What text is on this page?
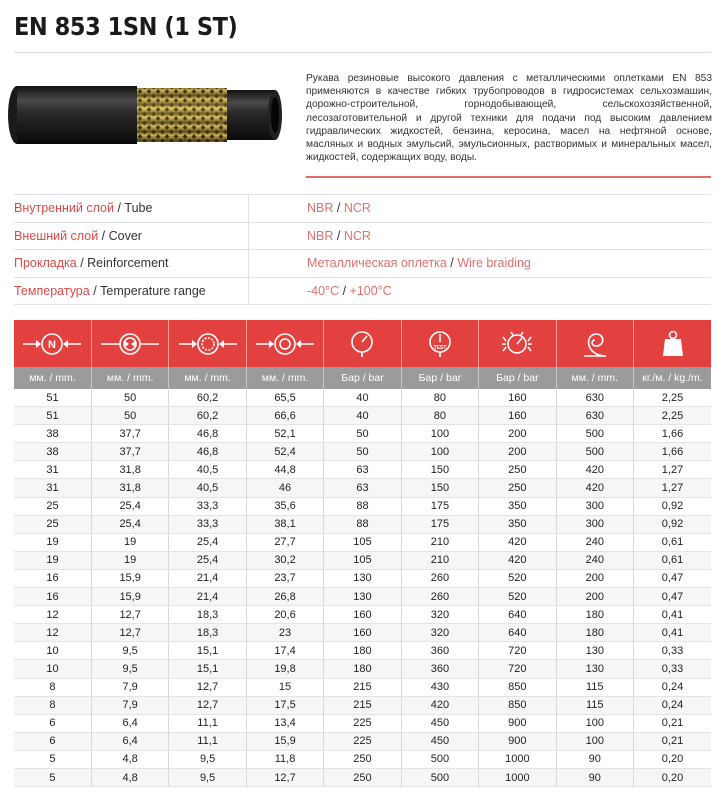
EN 853 1SN (1 ST)
Рукава резиновые высокого давления с металлическими оплетками EN 853 применяются в качестве гибких трубопроводов в гидросистемах сельхозмашин, дорожно-строительной, горнодобывающей, сельскохозяйственной, лесозаготовительной и другой техники для подачи под высоким давлением гидравлических жидкостей, бензина, керосина, масел на нефтяной основе, масляных и водных эмульсий, эмульсионных, растворимых и минеральных масел, жидкостей, содержащих воду, воды.
Внутренний слой / Tube	NBR / NCR
Внешний слой / Cover	NBR / NCR
Прокладка / Reinforcement	Металлическая оплетка / Wire braiding
Температура / Temperature range	-40°C / +100°C
N					TEST

мм. / mm.	мм. / mm.	мм. / mm.	мм. / mm.	Бар / bar	Бар / bar	Бар / bar	мм. / mm.	кг./м. / kg./m.
51	50	60,2	65,5	40	80	160	630	2,25
51	50	60,2	66,6	40	80	160	630	2,25
38	37,7	46,8	52,1	50	100	200	500	1,66
38	37,7	46,8	52,4	50	100	200	500	1,66
31	31,8	40,5	44,8	63	150	250	420	1,27
31	31,8	40,5	46	63	150	250	420	1,27
25	25,4	33,3	35,6	88	175	350	300	0,92
25	25,4	33,3	38,1	88	175	350	300	0,92
19	19	25,4	27,7	105	210	420	240	0,61
19	19	25,4	30,2	105	210	420	240	0,61
16	15,9	21,4	23,7	130	260	520	200	0,47
16	15,9	21,4	26,8	130	260	520	200	0,47
12	12,7	18,3	20,6	160	320	640	180	0,41
12	12,7	18,3	23	160	320	640	180	0,41
10	9,5	15,1	17,4	180	360	720	130	0,33
10	9,5	15,1	19,8	180	360	720	130	0,33
8	7,9	12,7	15	215	430	850	115	0,24
8	7,9	12,7	17,5	215	420	850	115	0,24
6	6,4	11,1	13,4	225	450	900	100	0,21
6	6,4	11,1	15,9	225	450	900	100	0,21
5	4,8	9,5	11,8	250	500	1000	90	0,20
5	4,8	9,5	12,7	250	500	1000	90	0,20
